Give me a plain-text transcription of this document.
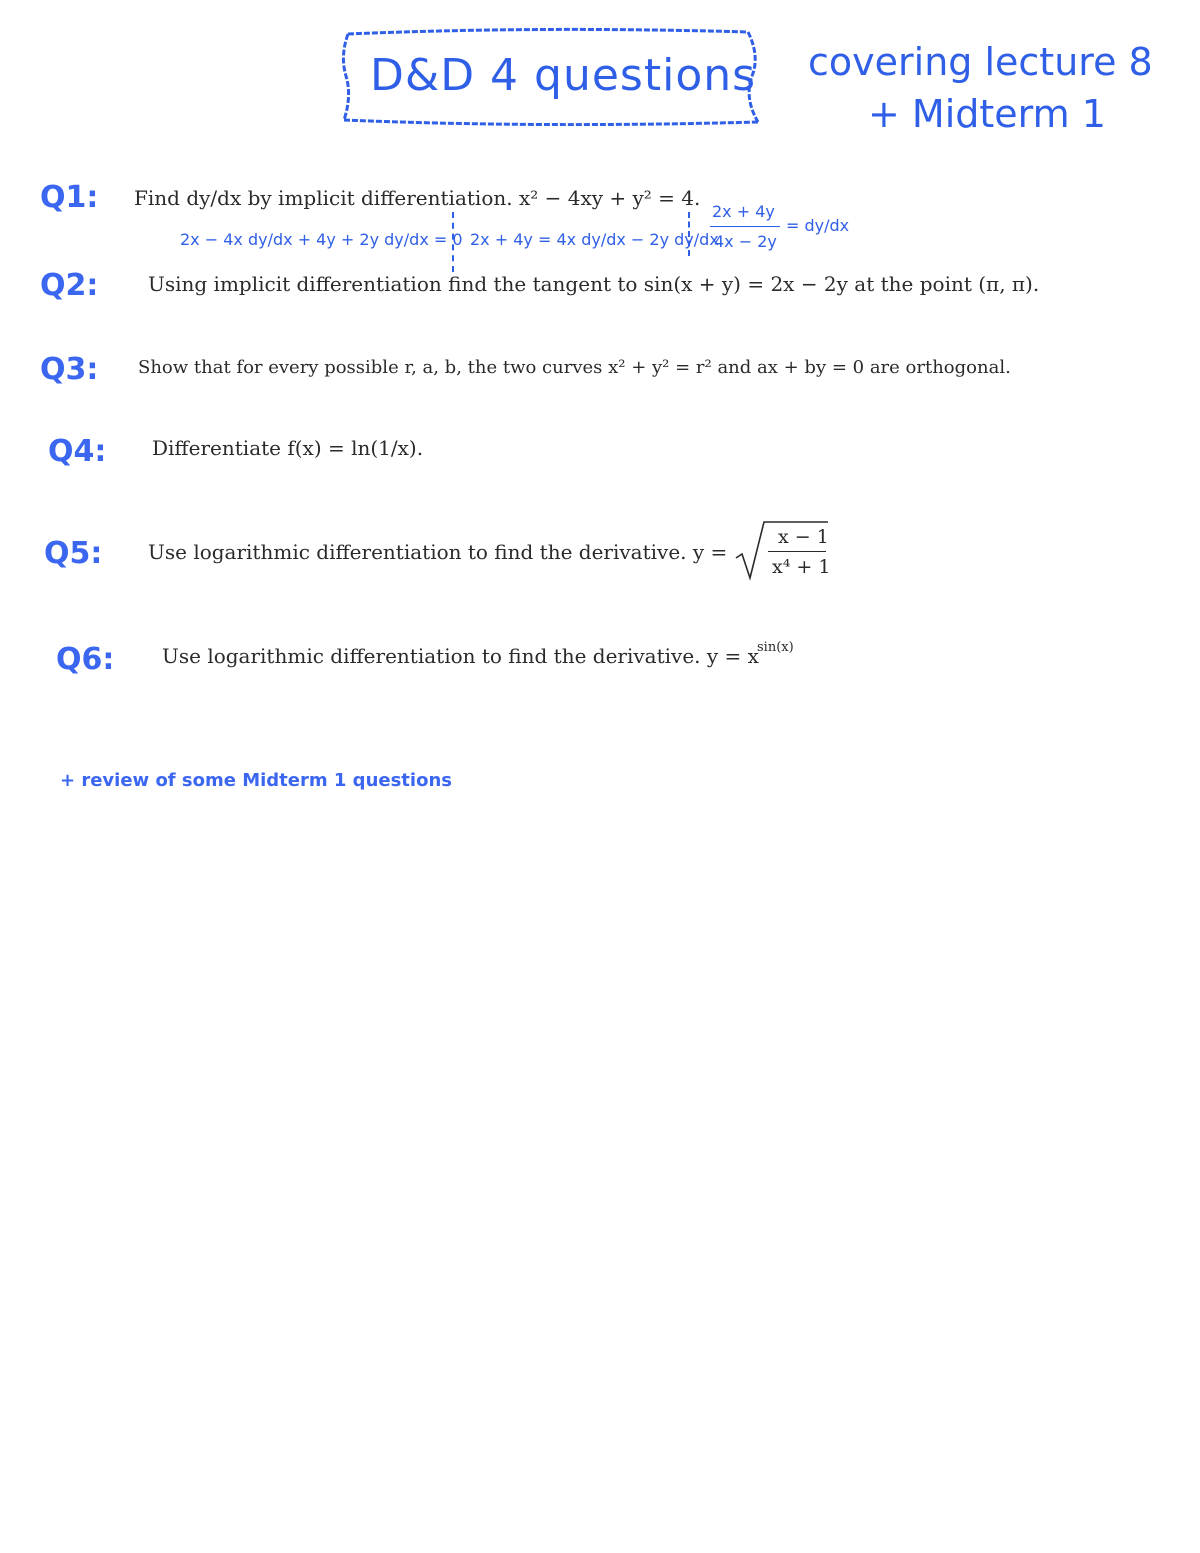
D&D 4 questions covering lecture 8
+ Midterm 1
Q1: Find dy/dx by implicit differentiation. x² − 4xy + y² = 4.
2x − 4x dy/dx + 4y + 2y dy/dx = 0 2x + 4y = 4x dy/dx − 2y dy/dx
2x + 4y
4x − 2y
= dy/dx
Q2: Using implicit differentiation find the tangent to sin(x + y) = 2x − 2y at the point (π, π).
Q3: Show that for every possible r, a, b, the two curves x² + y² = r² and ax + by = 0 are orthogonal.
Q4: Differentiate f(x) = ln(1/x).
Q5: Use logarithmic differentiation to find the derivative. y =
x − 1
x⁴ + 1
Q6: Use logarithmic differentiation to find the derivative. y = x
sin(x)
+ review of some Midterm 1 questions
